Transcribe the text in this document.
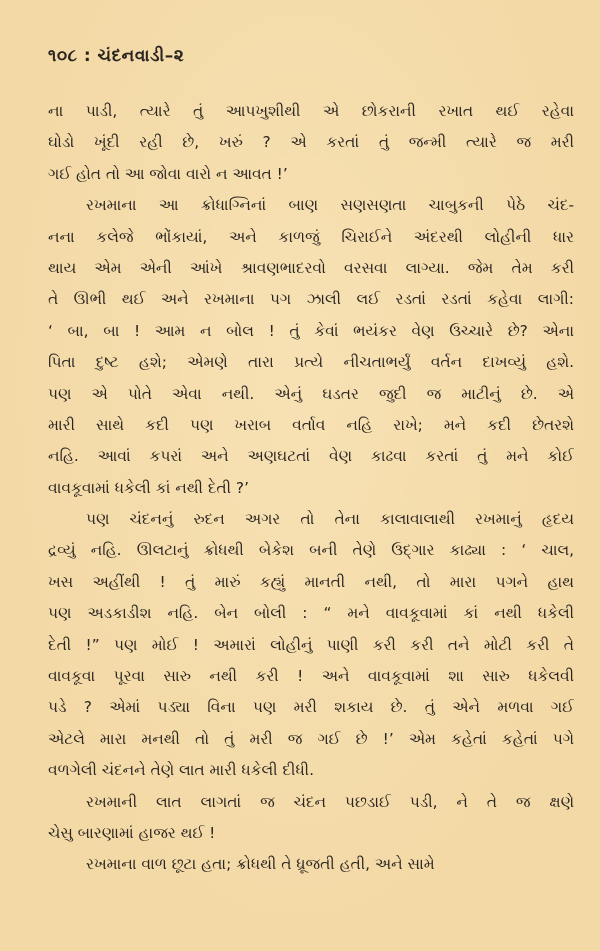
૧૦૮ : ચંદનવાડી–૨
ના પાડી, ત્યારે તું આપખુશીથી એ છોકરાની રખાત થઈ રહેવા
ઘોડો ખૂંદી રહી છે, ખરું ? એ કરતાં તું જન્મી ત્યારે જ મરી
ગઈ હોત તો આ જોવા વારો ન આવત !’
રખમાના આ ક્રોધાગ્નિનાં બાણ સણસણતા ચાબુકની પેઠે ચંદ-
નના કલેજે ભોંકાયાં, અને કાળજું ચિરાઈને અંદરથી લોહીની ધાર
થાય એમ એની આંખે શ્રાવણભાદરવો વરસવા લાગ્યા. જેમ તેમ કરી
તે ઊભી થઈ અને રખમાના પગ ઝાલી લઈ રડતાં રડતાં કહેવા લાગી:
‘ બા, બા ! આમ ન બોલ ! તું કેવાં ભયંકર વેણ ઉચ્ચારે છે? એના
પિતા દુષ્ટ હશે; એમણે તારા પ્રત્યે નીચતાભર્યું વર્તન દાખવ્યું હશે.
પણ એ પોતે એવા નથી. એનું ઘડતર જુદી જ માટીનું છે. એ
મારી સાથે કદી પણ ખરાબ વર્તાવ નહિ રાખે; મને કદી છેતરશે
નહિ. આવાં કપરાં અને અણઘટતાં વેણ કાઢવા કરતાં તું મને કોઈ
વાવકૂવામાં ધકેલી કાં નથી દેતી ?’
પણ ચંદનનું રુદન અગર તો તેના કાલાવાલાથી રખમાનું હૃદય
દ્રવ્યું નહિ. ઊલટાનું ક્રોધથી બેકેશ બની તેણે ઉદ્ગાર કાઢ્યા : ‘ ચાલ,
ખસ અહીંથી ! તું મારું કહ્યું માનતી નથી, તો મારા પગને હાથ
પણ અડકાડીશ નહિ. બેન બોલી : “ મને વાવકૂવામાં કાં નથી ધકેલી
દેતી !” પણ મોઈ ! અમારાં લોહીનું પાણી કરી કરી તને મોટી કરી તે
વાવકૂવા પૂરવા સારુ નથી કરી ! અને વાવકૂવામાં શા સારુ ધકેલવી
પડે ? એમાં પડ્યા વિના પણ મરી શકાય છે. તું એને મળવા ગઈ
એટલે મારા મનથી તો તું મરી જ ગઈ છે !’ એમ કહેતાં કહેતાં પગે
વળગેલી ચંદનને તેણે લાત મારી ધકેલી દીધી.
રખમાની લાત લાગતાં જ ચંદન પછડાઈ પડી, ને તે જ ક્ષણે
ચેસુ બારણામાં હાજર થઈ !
રખમાના વાળ છૂટા હતા; ક્રોધથી તે ધ્રૂજતી હતી, અને સામે
